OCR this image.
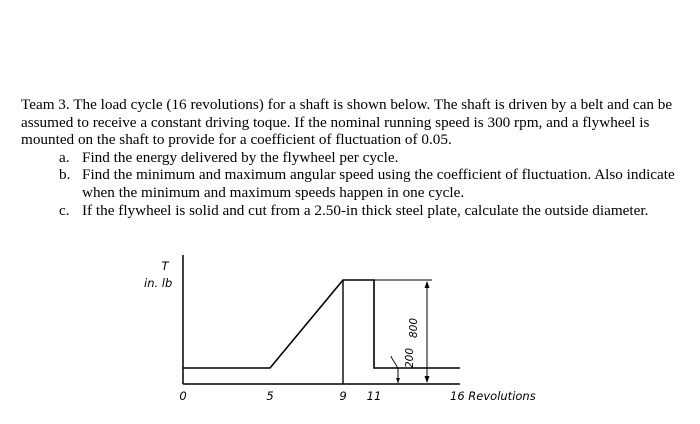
Team 3. The load cycle (16 revolutions) for a shaft is shown below. The shaft is driven by a belt and can be assumed to receive a constant driving toque. If the nominal running speed is 300 rpm, and a flywheel is mounted on the shaft to provide for a coefficient of fluctuation of 0.05.

a. Find the energy delivered by the flywheel per cycle.
b. Find the minimum and maximum angular speed using the coefficient of fluctuation. Also indicate when the minimum and maximum speeds happen in one cycle.
c. If the flywheel is solid and cut from a 2.50-in thick steel plate, calculate the outside diameter.
T
in. lb
0	5	9 11	16 Revolutions
200
800
